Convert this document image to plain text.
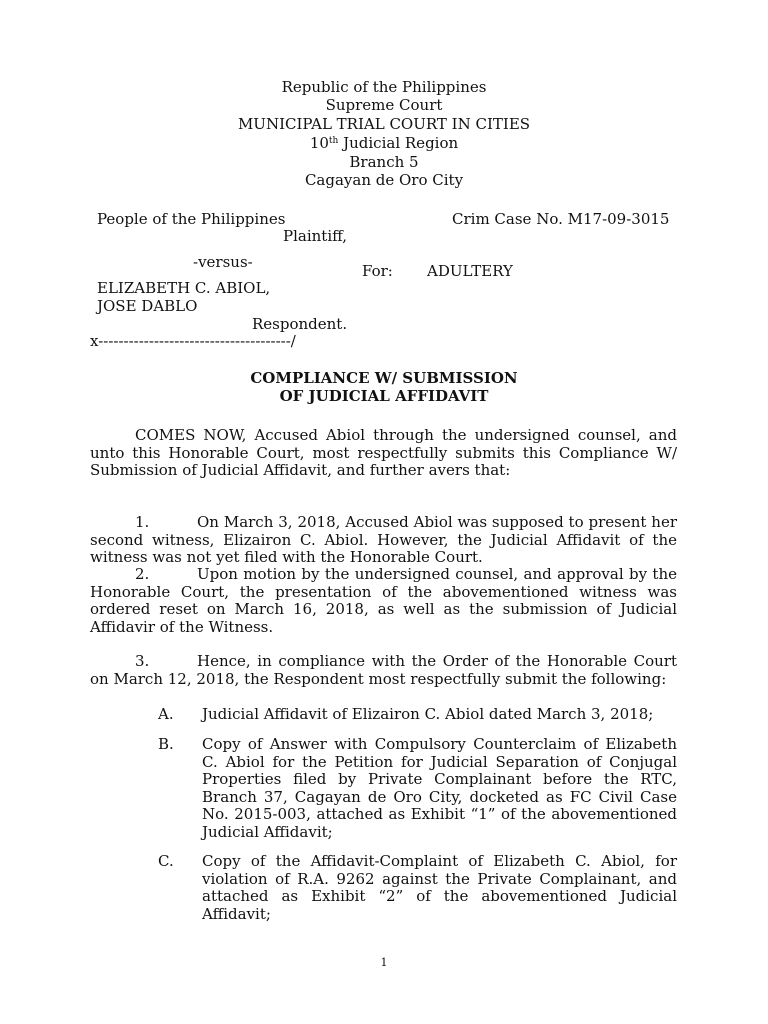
Republic of the Philippines
Supreme Court
MUNICIPAL TRIAL COURT IN CITIES
10th Judicial Region
Branch 5
Cagayan de Oro City
People of the Philippines	Crim Case No. M17-09-3015
Plaintiff,
-versus-	For: ADULTERY
ELIZABETH C. ABIOL,
JOSE DABLO
Respondent.
x--------------------------------------/
COMPLIANCE W/ SUBMISSION
OF JUDICIAL AFFIDAVIT
COMES NOW, Accused Abiol through the undersigned counsel, and unto this Honorable Court, most respectfully submits this Compliance W/ Submission of Judicial Affidavit, and further avers that:
1.	On March 3, 2018, Accused Abiol was supposed to present her second witness, Elizairon C. Abiol. However, the Judicial Affidavit of the witness was not yet filed with the Honorable Court.
2.	Upon motion by the undersigned counsel, and approval by the Honorable Court, the presentation of the abovementioned witness was ordered reset on March 16, 2018, as well as the submission of Judicial Affidavir of the Witness.
3.	Hence, in compliance with the Order of the Honorable Court on March 12, 2018, the Respondent most respectfully submit the following:
A. Judicial Affidavit of Elizairon C. Abiol dated March 3, 2018;
B. Copy of Answer with Compulsory Counterclaim of Elizabeth C. Abiol for the Petition for Judicial Separation of Conjugal Properties filed by Private Complainant before the RTC, Branch 37, Cagayan de Oro City, docketed as FC Civil Case No. 2015-003, attached as Exhibit “1” of the abovementioned Judicial Affidavit;
C. Copy of the Affidavit-Complaint of Elizabeth C. Abiol, for violation of R.A. 9262 against the Private Complainant, and attached as Exhibit “2” of the abovementioned Judicial Affidavit;
1
